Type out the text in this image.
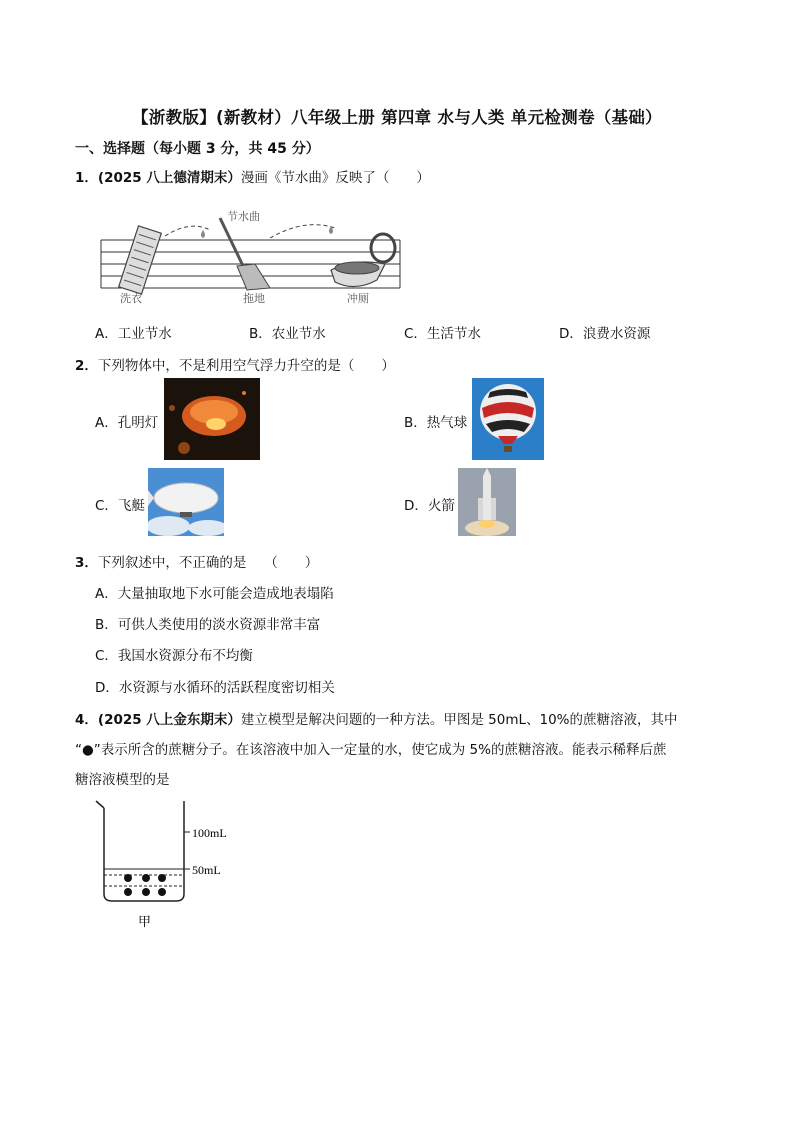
【浙教版】(新教材）八年级上册 第四章 水与人类 单元检测卷（基础）
一、选择题（每小题 3 分，共 45 分）
1．(2025 八上德清期末）漫画《节水曲》反映了（　　）
节水曲
洗衣	拖地	冲厕
A．工业节水	B．农业节水	C．生活节水	D．浪费水资源
2．下列物体中，不是利用空气浮力升空的是（　　）
A．孔明灯	B．热气球
C．飞艇	D．火箭
3．下列叙述中，不正确的是　 （　　）
A．大量抽取地下水可能会造成地表塌陷
B．可供人类使用的淡水资源非常丰富
C．我国水资源分布不均衡
D．水资源与水循环的活跃程度密切相关
4．(2025 八上金东期末）建立模型是解决问题的一种方法。甲图是 50mL、10%的蔗糖溶液，其中
“●”表示所含的蔗糖分子。在该溶液中加入一定量的水，使它成为 5%的蔗糖溶液。能表示稀释后蔗
糖溶液模型的是
100mL
50mL
甲
